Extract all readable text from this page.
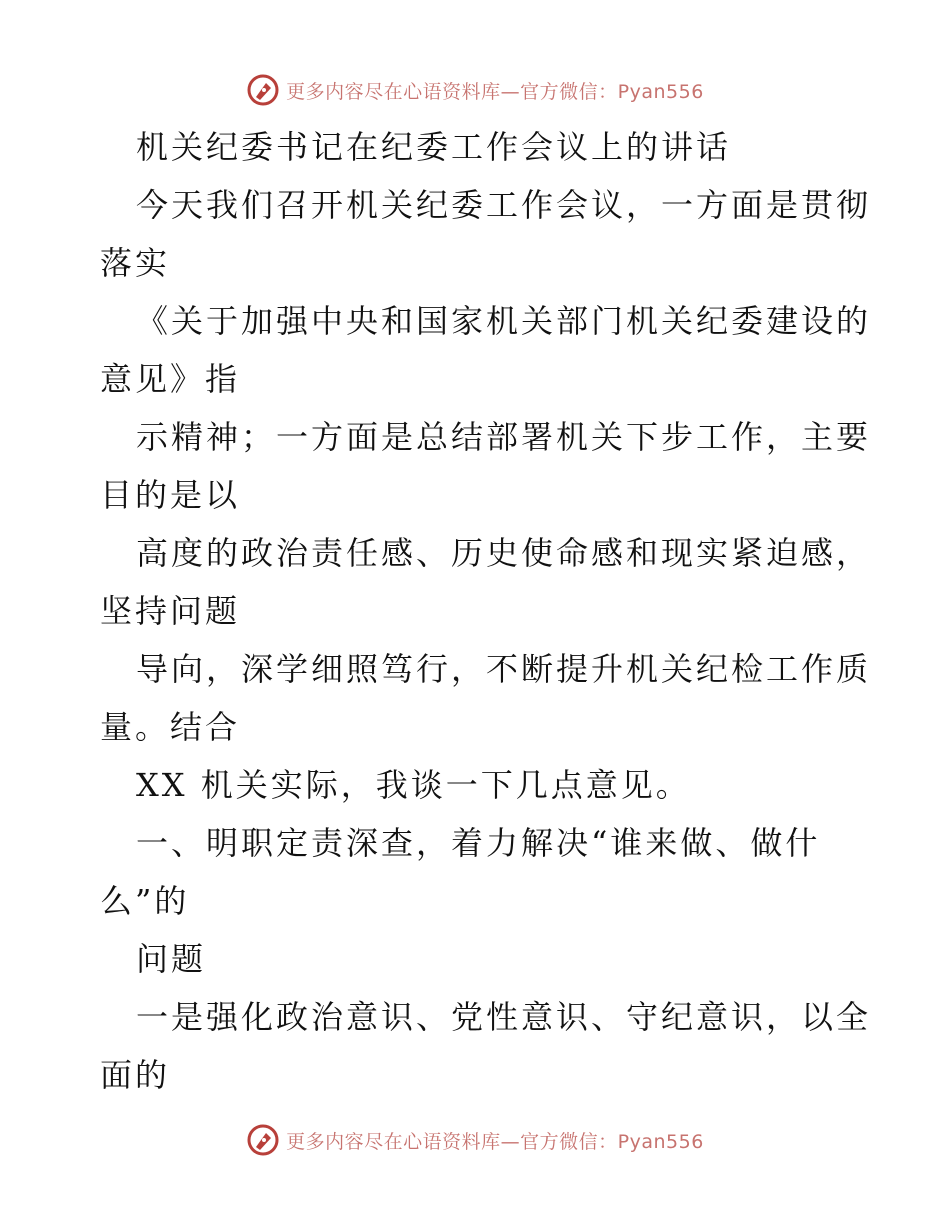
更多内容尽在心语资料库—官方微信：Pyan556
机关纪委书记在纪委工作会议上的讲话
今天我们召开机关纪委工作会议，一方面是贯彻
落实
《关于加强中央和国家机关部门机关纪委建设的
意见》指
示精神；一方面是总结部署机关下步工作，主要
目的是以
高度的政治责任感、历史使命感和现实紧迫感，
坚持问题
导向，深学细照笃行，不断提升机关纪检工作质
量。结合
XX 机关实际，我谈一下几点意见。
一、明职定责深查，着力解决“谁来做、做什
么”的
问题
一是强化政治意识、党性意识、守纪意识，以全
面的
更多内容尽在心语资料库—官方微信：Pyan556
